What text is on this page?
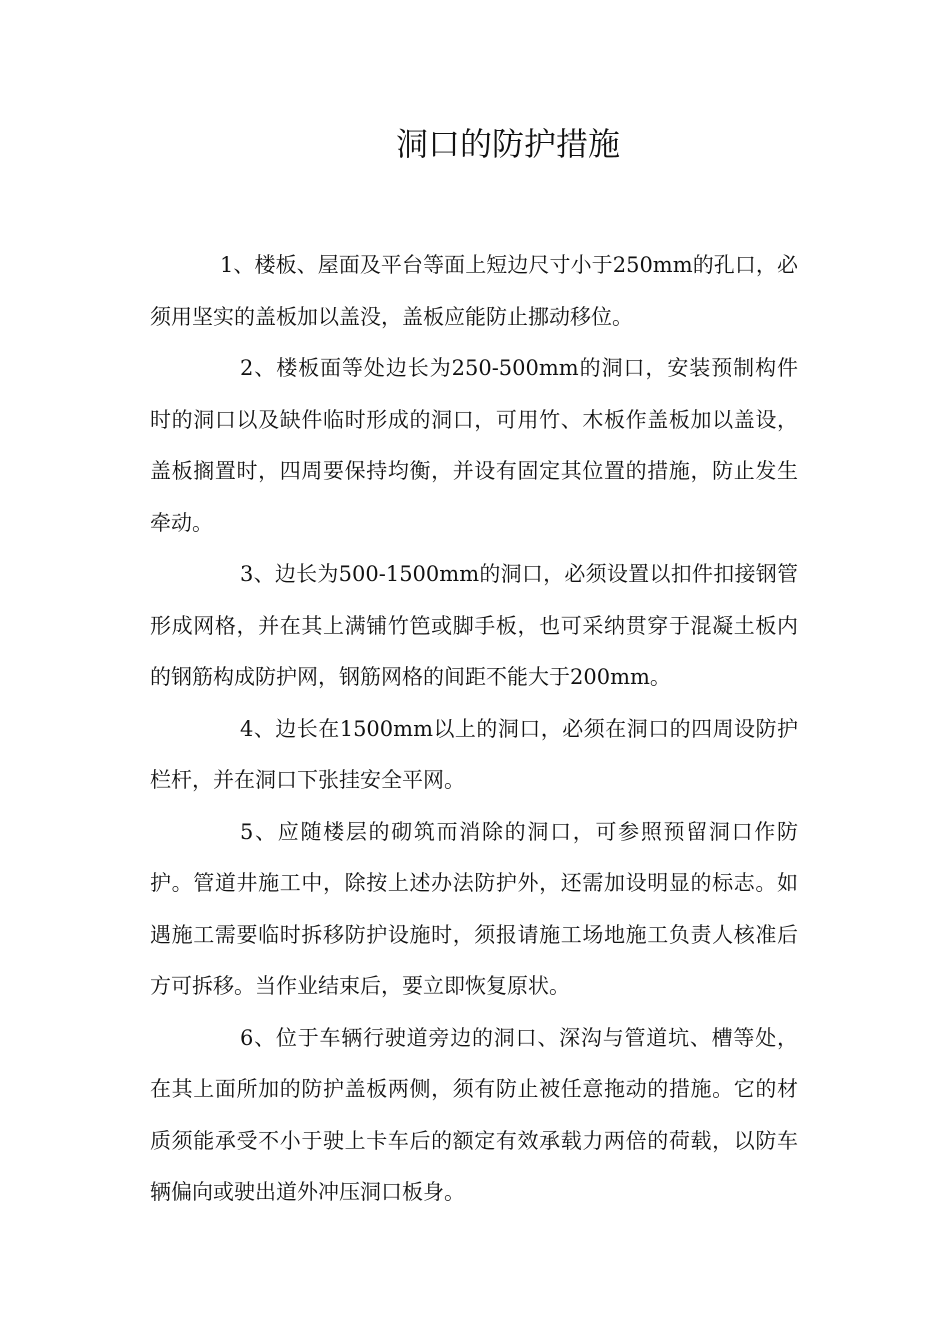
洞口的防护措施

1、楼板、屋面及平台等面上短边尺寸小于250mm的孔口，必须用坚实的盖板加以盖没，盖板应能防止挪动移位。

2、楼板面等处边长为250-500mm的洞口，安装预制构件时的洞口以及缺件临时形成的洞口，可用竹、木板作盖板加以盖设，盖板搁置时，四周要保持均衡，并设有固定其位置的措施，防止发生牵动。

3、边长为500-1500mm的洞口，必须设置以扣件扣接钢管形成网格，并在其上满铺竹笆或脚手板，也可采纳贯穿于混凝土板内的钢筋构成防护网，钢筋网格的间距不能大于200mm。

4、边长在1500mm以上的洞口，必须在洞口的四周设防护栏杆，并在洞口下张挂安全平网。

5、应随楼层的砌筑而消除的洞口，可参照预留洞口作防护。管道井施工中，除按上述办法防护外，还需加设明显的标志。如遇施工需要临时拆移防护设施时，须报请施工场地施工负责人核准后方可拆移。当作业结束后，要立即恢复原状。

6、位于车辆行驶道旁边的洞口、深沟与管道坑、槽等处，在其上面所加的防护盖板两侧，须有防止被任意拖动的措施。它的材质须能承受不小于驶上卡车后的额定有效承载力两倍的荷载，以防车辆偏向或驶出道外冲压洞口板身。
